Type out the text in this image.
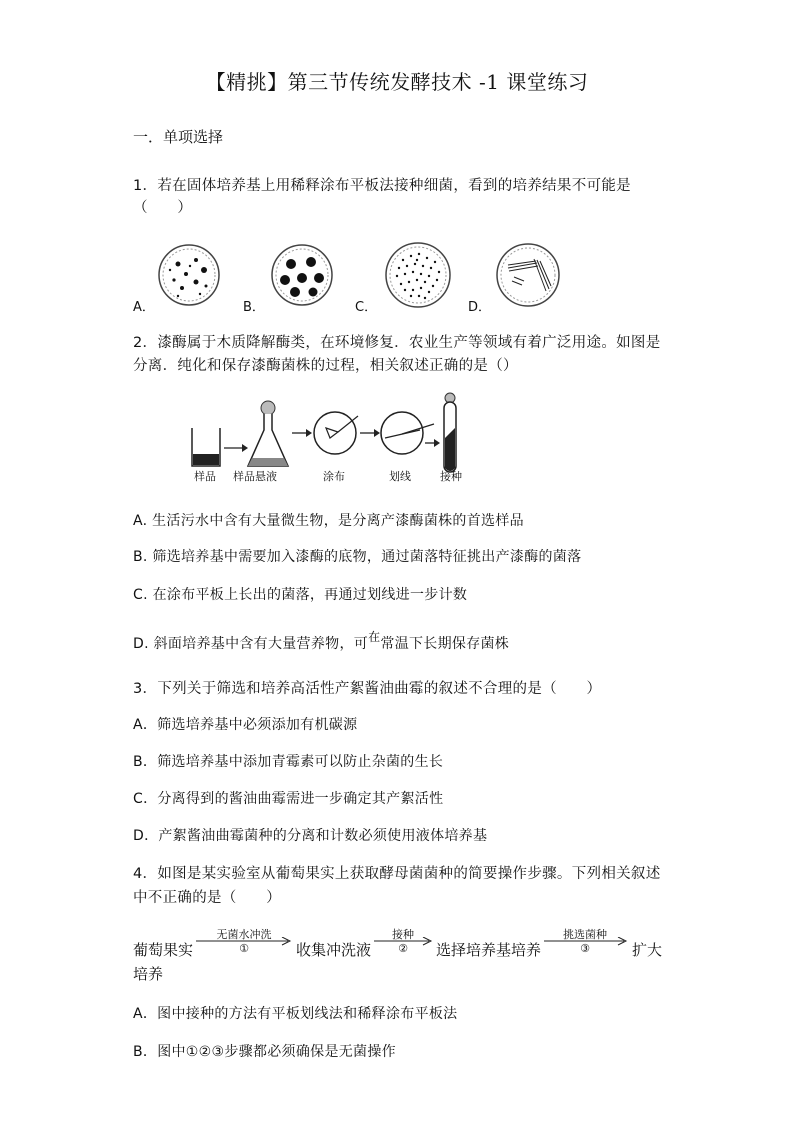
【精挑】第三节传统发酵技术 -1 课堂练习
一．单项选择
1．若在固体培养基上用稀释涂布平板法接种细菌，看到的培养结果不可能是
（　　）
A．	B．	C．	D．
2．漆酶属于木质降解酶类，在环境修复．农业生产等领域有着广泛用途。如图是
分离．纯化和保存漆酶菌株的过程，相关叙述正确的是（）
样品 样品悬液	涂布	划线	接种
A. 生活污水中含有大量微生物，是分离产漆酶菌株的首选样品
B. 筛选培养基中需要加入漆酶的底物，通过菌落特征挑出产漆酶的菌落
C. 在涂布平板上长出的菌落，再通过划线进一步计数
D. 斜面培养基中含有大量营养物，可在常温下长期保存菌株
3．下列关于筛选和培养高活性产絮酱油曲霉的叙述不合理的是（　　）
A．筛选培养基中必须添加有机碳源
B．筛选培养基中添加青霉素可以防止杂菌的生长
C．分离得到的酱油曲霉需进一步确定其产絮活性
D．产絮酱油曲霉菌种的分离和计数必须使用液体培养基
4．如图是某实验室从葡萄果实上获取酵母菌菌种的简要操作步骤。下列相关叙述
中不正确的是（　　）
葡萄果实
无菌水冲洗
①	收集冲洗液
接种
②	选择培养基培养
挑选菌种
③	扩大
培养
A．图中接种的方法有平板划线法和稀释涂布平板法
B．图中①②③步骤都必须确保是无菌操作
